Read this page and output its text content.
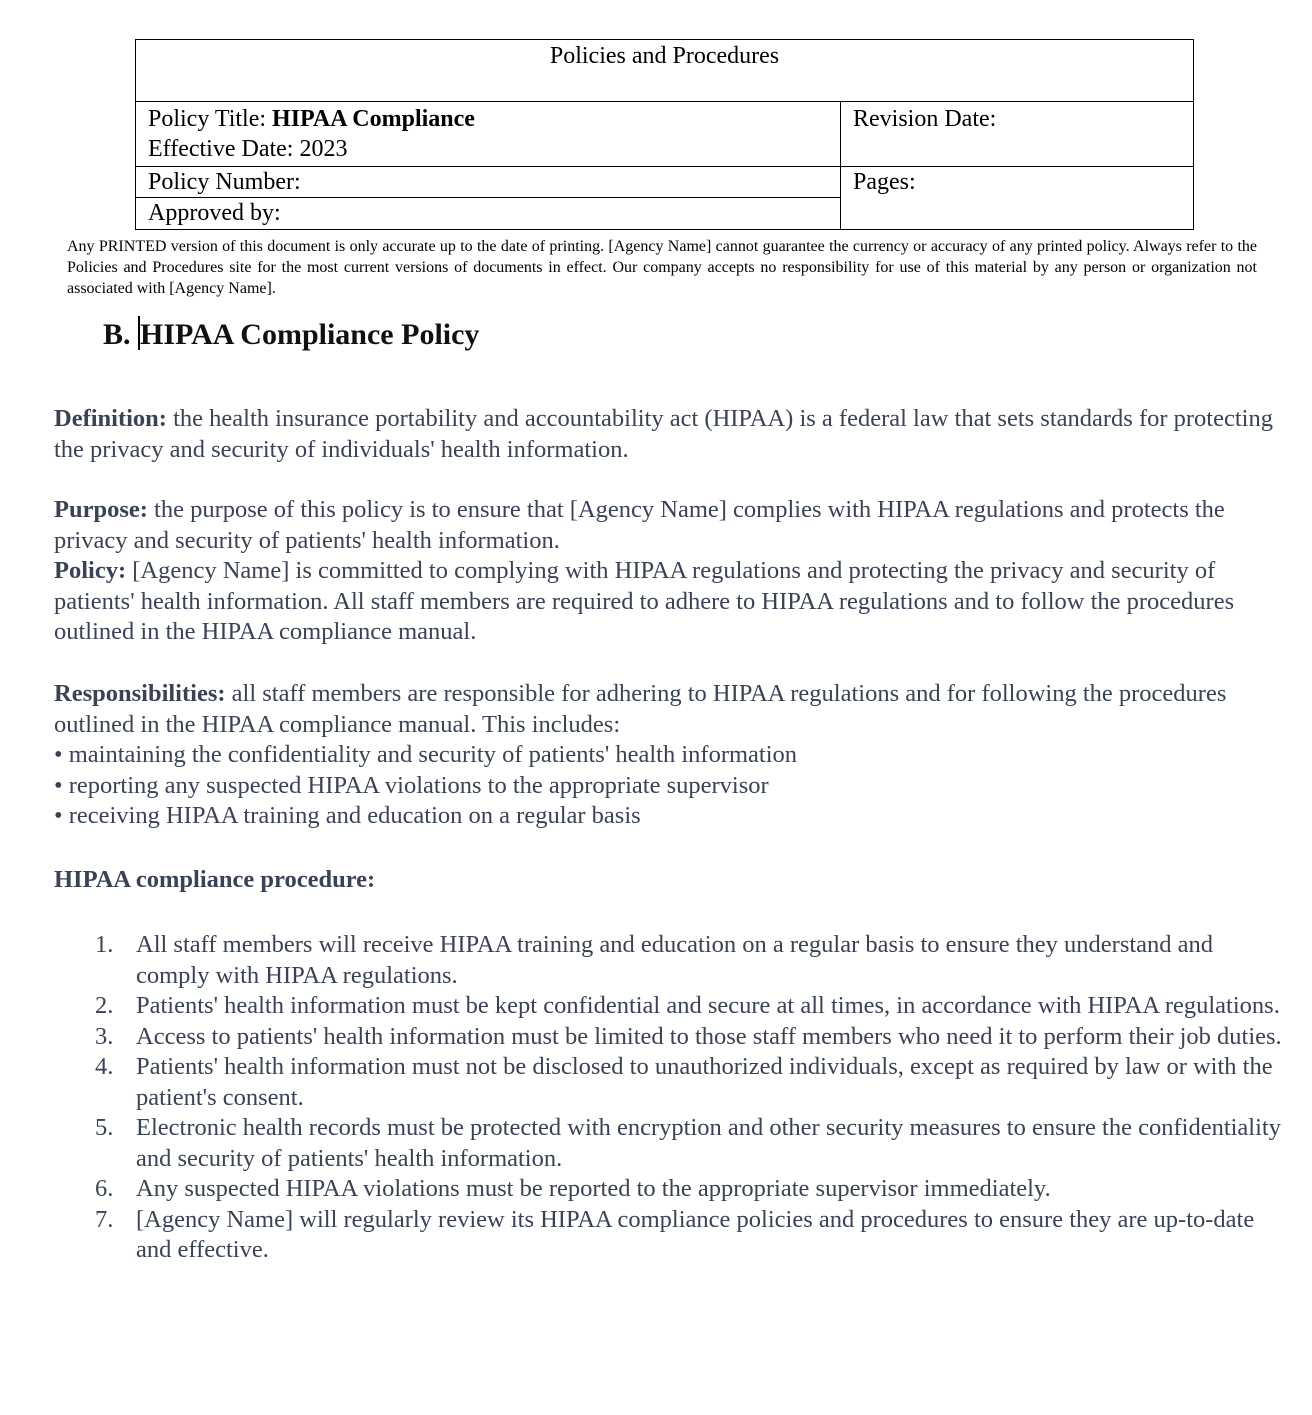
Policies and Procedures	

Policy Title: HIPAA Compliance
Effective Date: 2023	Revision Date:
Policy Number:	Pages:
Approved by:	
Any PRINTED version of this document is only accurate up to the date of printing. [Agency Name] cannot guarantee the currency or accuracy of any printed policy. Always refer to the Policies and Procedures site for the most current versions of documents in effect. Our company accepts no responsibility for use of this material by any person or organization not associated with [Agency Name].
B. HIPAA Compliance Policy

Definition: the health insurance portability and accountability act (HIPAA) is a federal law that sets standards for protecting the privacy and security of individuals' health information.

Purpose: the purpose of this policy is to ensure that [Agency Name] complies with HIPAA regulations and protects the privacy and security of patients' health information.

Policy: [Agency Name] is committed to complying with HIPAA regulations and protecting the privacy and security of patients' health information. All staff members are required to adhere to HIPAA regulations and to follow the procedures outlined in the HIPAA compliance manual.

Responsibilities: all staff members are responsible for adhering to HIPAA regulations and for following the procedures outlined in the HIPAA compliance manual. This includes:

• maintaining the confidentiality and security of patients' health information

• reporting any suspected HIPAA violations to the appropriate supervisor

• receiving HIPAA training and education on a regular basis

HIPAA compliance procedure:

1. All staff members will receive HIPAA training and education on a regular basis to ensure they understand and comply with HIPAA regulations.
2. Patients' health information must be kept confidential and secure at all times, in accordance with HIPAA regulations.
3. Access to patients' health information must be limited to those staff members who need it to perform their job duties.
4. Patients' health information must not be disclosed to unauthorized individuals, except as required by law or with the patient's consent.
5. Electronic health records must be protected with encryption and other security measures to ensure the confidentiality and security of patients' health information.
6. Any suspected HIPAA violations must be reported to the appropriate supervisor immediately.
7. [Agency Name] will regularly review its HIPAA compliance policies and procedures to ensure they are up-to-date and effective.
